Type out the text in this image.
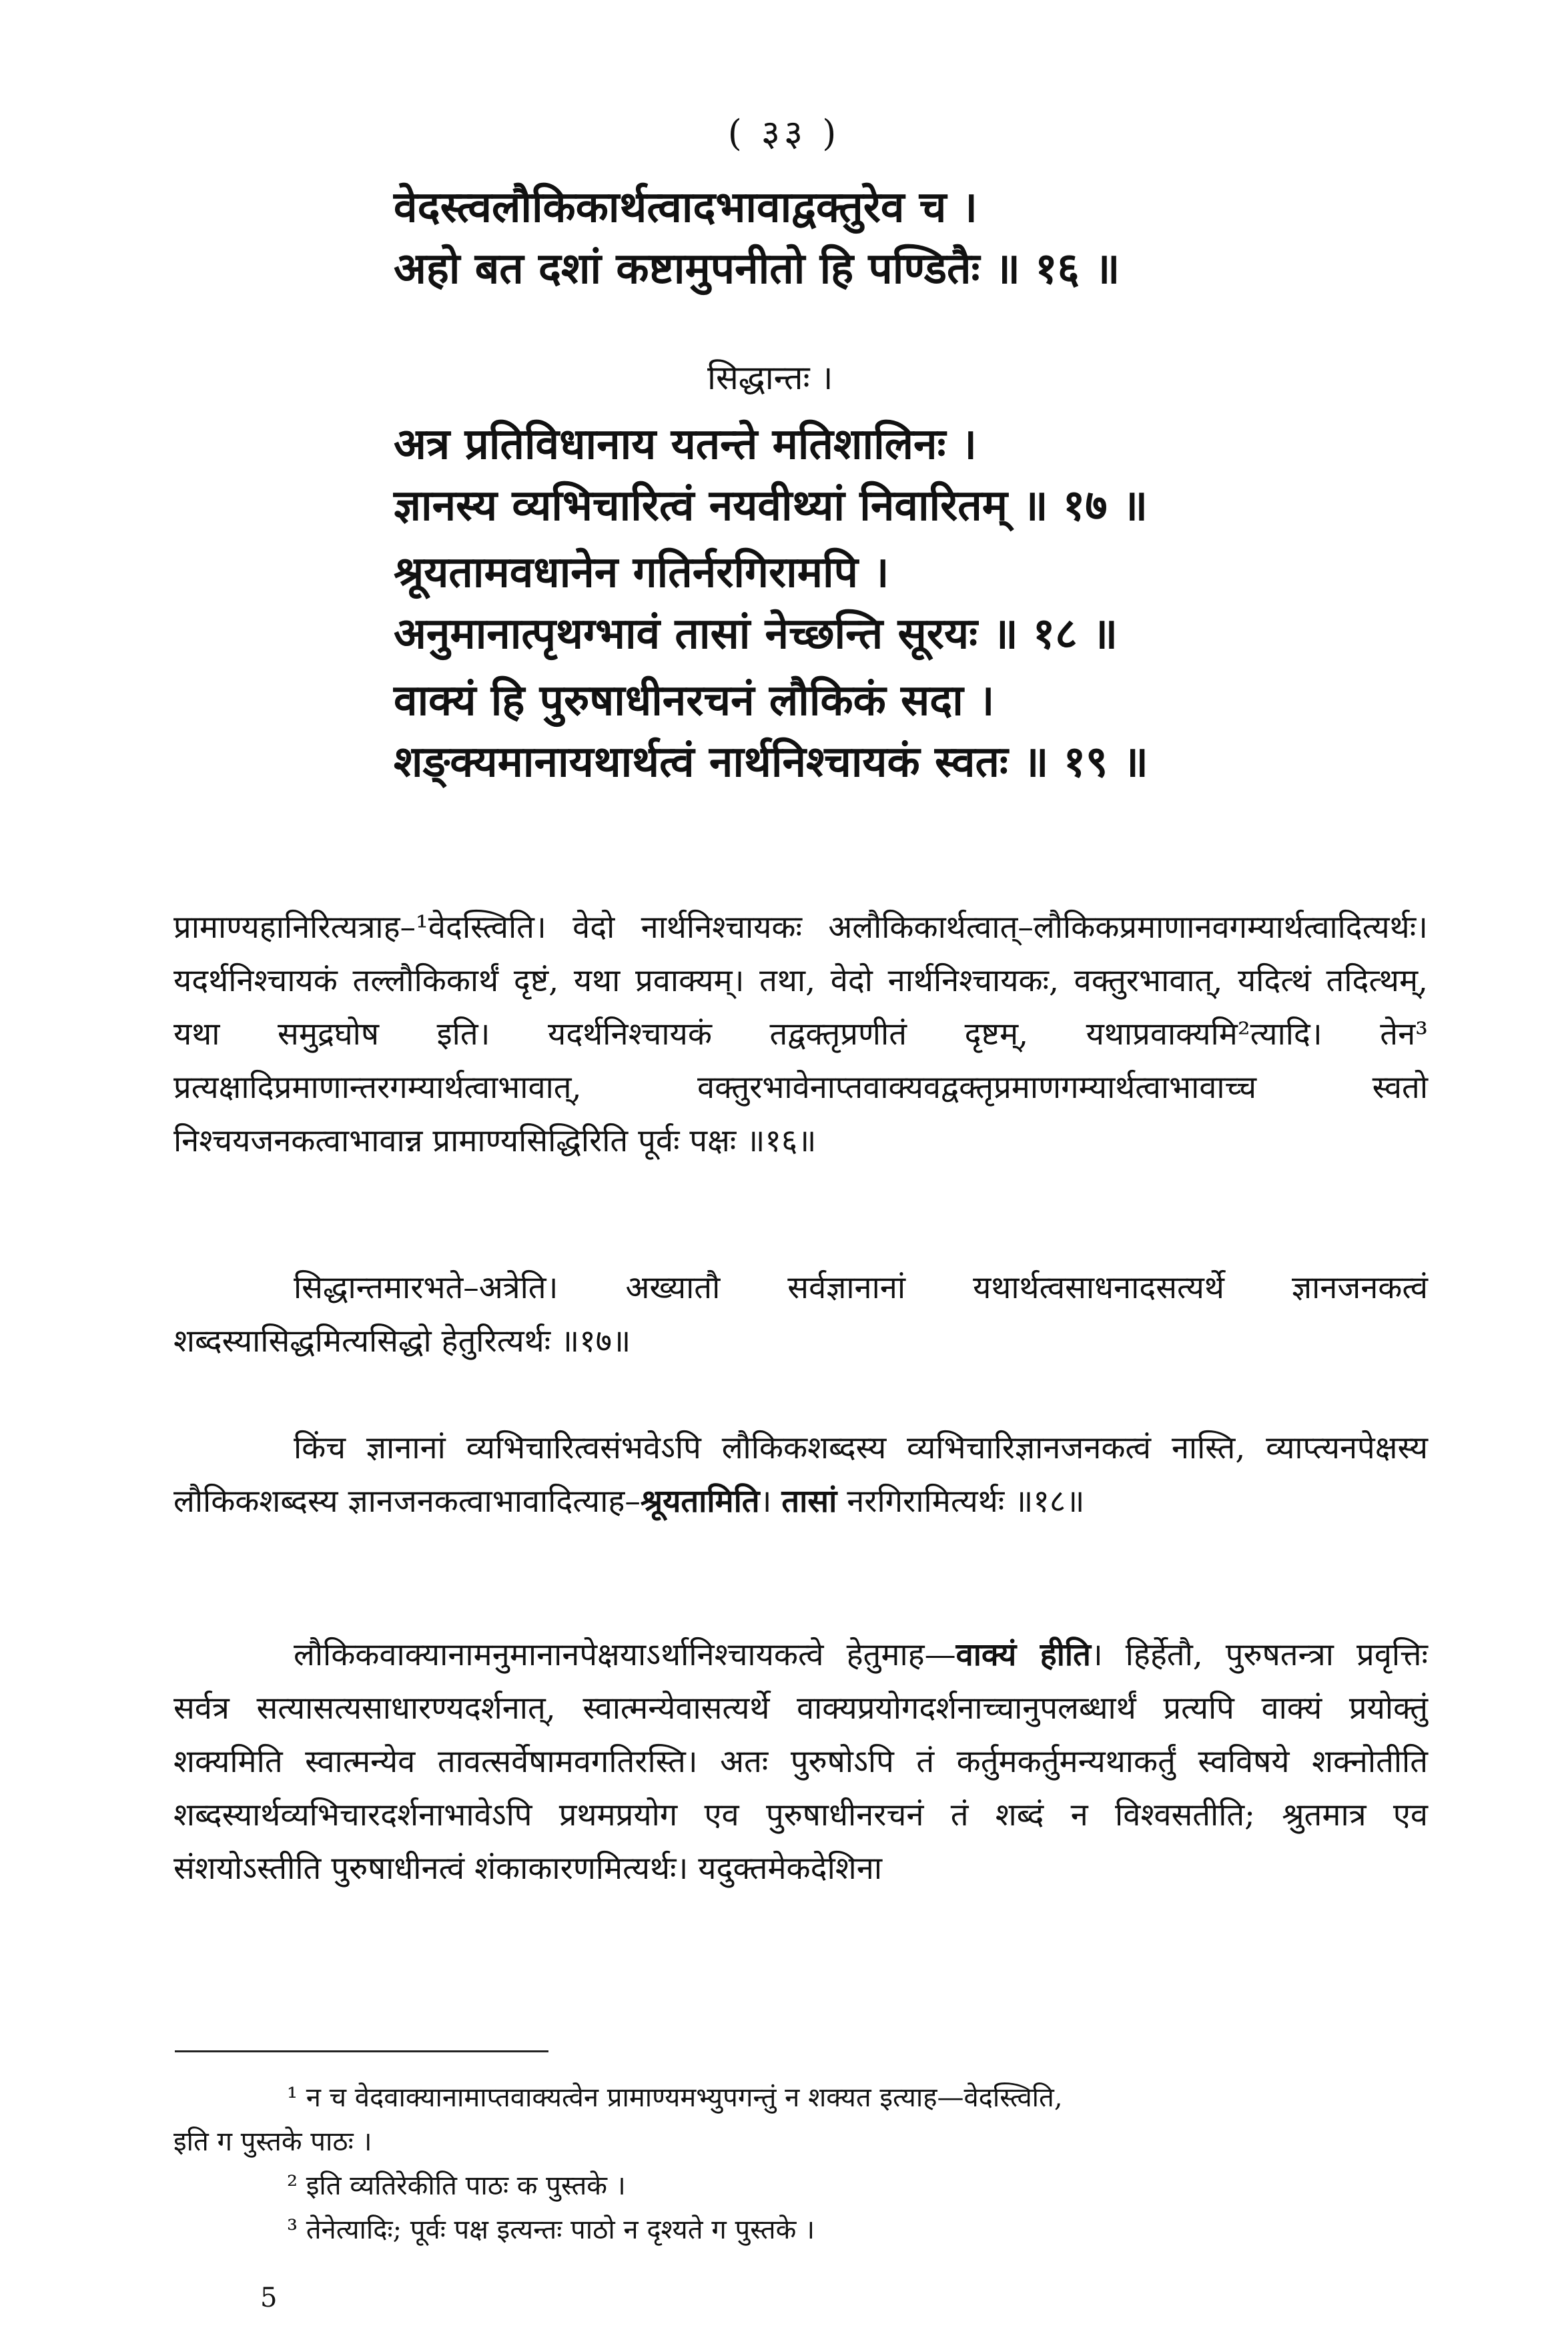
( ३३ )
वेदस्त्वलौकिकार्थत्वादभावाद्वक्तुरेव च ।
अहो बत दशां कष्टामुपनीतो हि पण्डितैः ॥ १६ ॥
सिद्धान्तः ।
अत्र प्रतिविधानाय यतन्ते मतिशालिनः ।
ज्ञानस्य व्यभिचारित्वं नयवीथ्यां निवारितम् ॥ १७ ॥
श्रूयतामवधानेन गतिर्नरगिरामपि ।
अनुमानात्पृथग्भावं तासां नेच्छन्ति सूरयः ॥ १८ ॥
वाक्यं हि पुरुषाधीनरचनं लौकिकं सदा ।
शङ्क्यमानायथार्थत्वं नार्थनिश्चायकं स्वतः ॥ १९ ॥

प्रामाण्यहानिरित्यत्राह–¹वेदस्त्विति। वेदो नार्थनिश्चायकः अलौकिकार्थत्वात्–लौकिकप्रमाणानवगम्यार्थत्वादित्यर्थः। यदर्थनिश्चायकं तल्लौकिकार्थं दृष्टं, यथा प्रवाक्यम्। तथा, वेदो नार्थनिश्चायकः, वक्तुरभावात्, यदित्थं तदित्थम्, यथा समुद्रघोष इति। यदर्थनिश्चायकं तद्वक्तृप्रणीतं दृष्टम्, यथाप्रवाक्यमि²त्यादि। तेन³ प्रत्यक्षादिप्रमाणान्तरगम्यार्थत्वाभावात्, वक्तुरभावेनाप्तवाक्यवद्वक्तृप्रमाणगम्यार्थत्वाभावाच्च स्वतो निश्चयजनकत्वाभावान्न प्रामाण्यसिद्धिरिति पूर्वः पक्षः ॥१६॥

सिद्धान्तमारभते–अत्रेति। अख्यातौ सर्वज्ञानानां यथार्थत्वसाधनादसत्यर्थे ज्ञानजनकत्वं शब्दस्यासिद्धमित्यसिद्धो हेतुरित्यर्थः ॥१७॥

किंच ज्ञानानां व्यभिचारित्वसंभवेऽपि लौकिकशब्दस्य व्यभिचारिज्ञानजनकत्वं नास्ति, व्याप्त्यनपेक्षस्य लौकिकशब्दस्य ज्ञानजनकत्वाभावादित्याह–श्रूयतामिति। तासां नरगिरामित्यर्थः ॥१८॥

लौकिकवाक्यानामनुमानानपेक्षयाऽर्थानिश्चायकत्वे हेतुमाह—वाक्यं हीति। हिर्हेतौ, पुरुषतन्त्रा प्रवृत्तिः सर्वत्र सत्यासत्यसाधारण्यदर्शनात्, स्वात्मन्येवासत्यर्थे वाक्यप्रयोगदर्शनाच्चानुपलब्धार्थं प्रत्यपि वाक्यं प्रयोक्तुं शक्यमिति स्वात्मन्येव तावत्सर्वेषामवगतिरस्ति। अतः पुरुषोऽपि तं कर्तुमकर्तुमन्यथाकर्तुं स्वविषये शक्नोतीति शब्दस्यार्थव्यभिचारदर्शनाभावेऽपि प्रथमप्रयोग एव पुरुषाधीनरचनं तं शब्दं न विश्वसतीति; श्रुतमात्र एव संशयोऽस्तीति पुरुषाधीनत्वं शंकाकारणमित्यर्थः। यदुक्तमेकदेशिना

¹ न च वेदवाक्यानामाप्तवाक्यत्वेन प्रामाण्यमभ्युपगन्तुं न शक्यत इत्याह—वेदस्त्विति,

इति ग पुस्तके पाठः ।

² इति व्यतिरेकीति पाठः क पुस्तके ।

³ तेनेत्यादिः; पूर्वः पक्ष इत्यन्तः पाठो न दृश्यते ग पुस्तके ।

5
